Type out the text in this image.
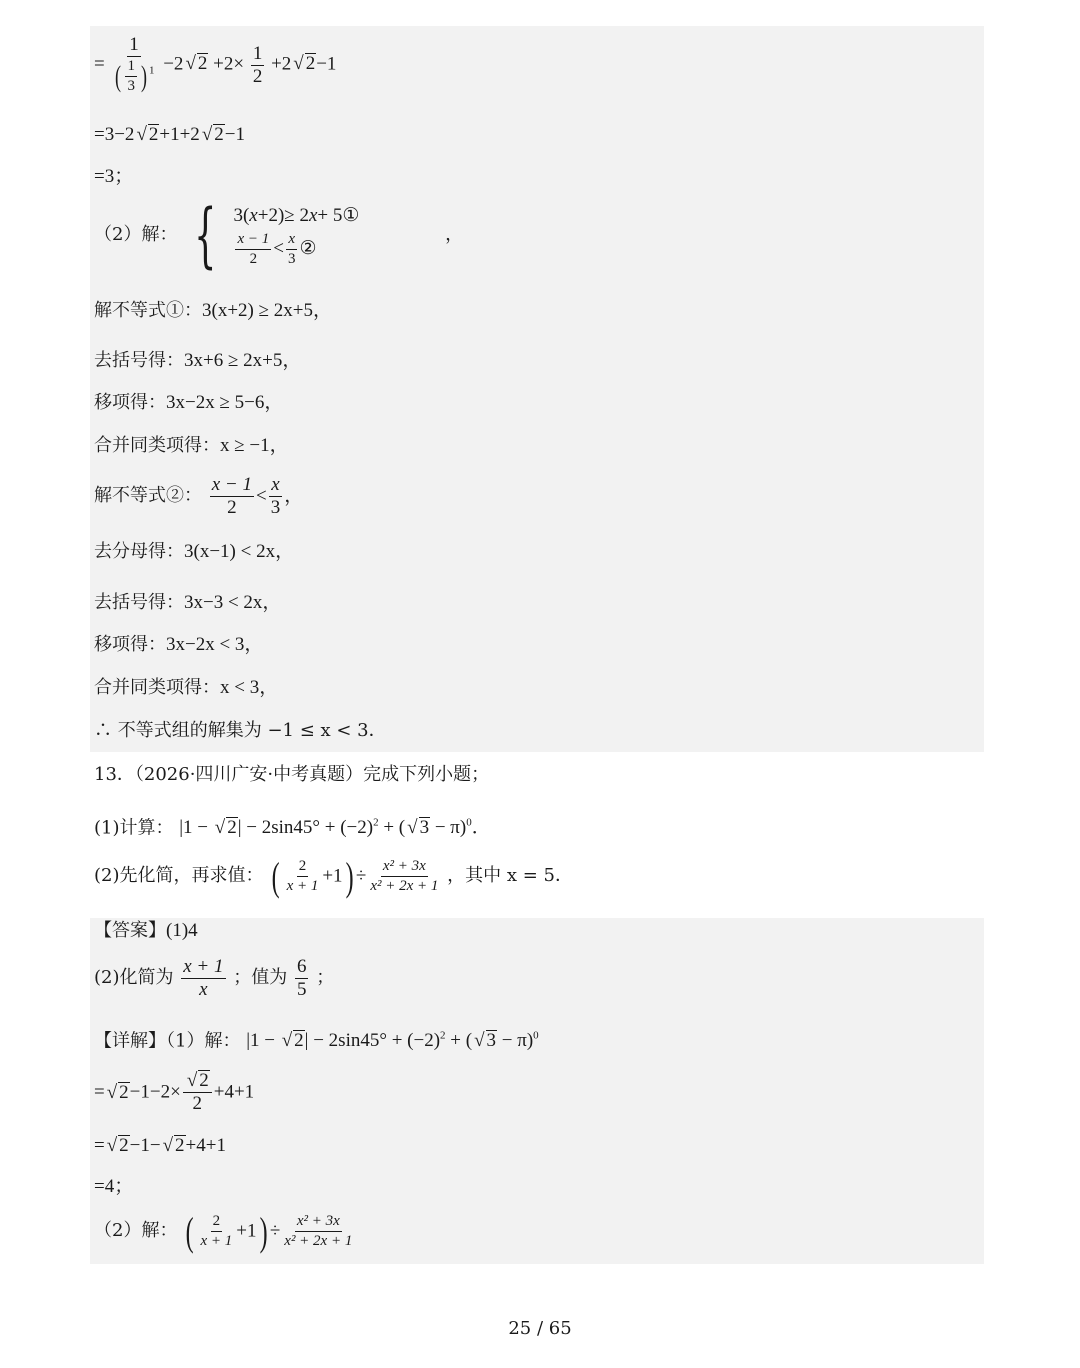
= $\frac{1}{( \frac{1}{3} ) ^1} -2$ √ $2 +2\times \frac{1}{2} +2$ √ 2−1
=3−2 √ 2+1+2 √ 2−1
=3；
（2）解： { 3(x+2)≥ 2x+ 5①
$\frac{x - 1}{2} < \frac{x}{3}$ ②
，
解不等式①：3(x+2) ≥ 2x+5，
去括号得：3x+6 ≥ 2x+5，
移项得：3x−2x ≥ 5−6，
合并同类项得：x ≥ −1，
解不等式②： $\frac{x - 1}{2} < \frac{x}{3}$ ，
去分母得：3(x−1) < 2x，
去括号得：3x−3 < 2x，
移项得：3x−2x < 3，
合并同类项得：x < 3，
∴ 不等式组的解集为 −1 ≤ x < 3．
13．（2026·四川广安·中考真题）完成下列小题；
(1)计算： |1 − √ $2| - 2\sin 45^\circ + (-2)^2$ + ( √ 3 − π)$^0$．
(2)先化简，再求值： ( $\frac{2}{x + 1} +1) \div \frac{\text{x² + 3x}}{\text{x² + 2x + 1}}$ ，其中 x = 5．
【答案】(1)4
(2)化简为 $\frac{x + 1}{x}$ ；值为 $\frac{6}{5}$ ；
【详解】（1）解： |1 − √ $2| - 2\sin 45^\circ + (-2)^2$ + ( √ 3 − π)$^0$
= √ $2-1-2\times \frac{√ 2}{2} +4+1$
= √ 2−1− √ 2+4+1
=4；
（2）解： ( $\frac{2}{x + 1} +1) \div \frac{\text{x² + 3x}}{\text{x² + 2x + 1}}$
25 / 65
